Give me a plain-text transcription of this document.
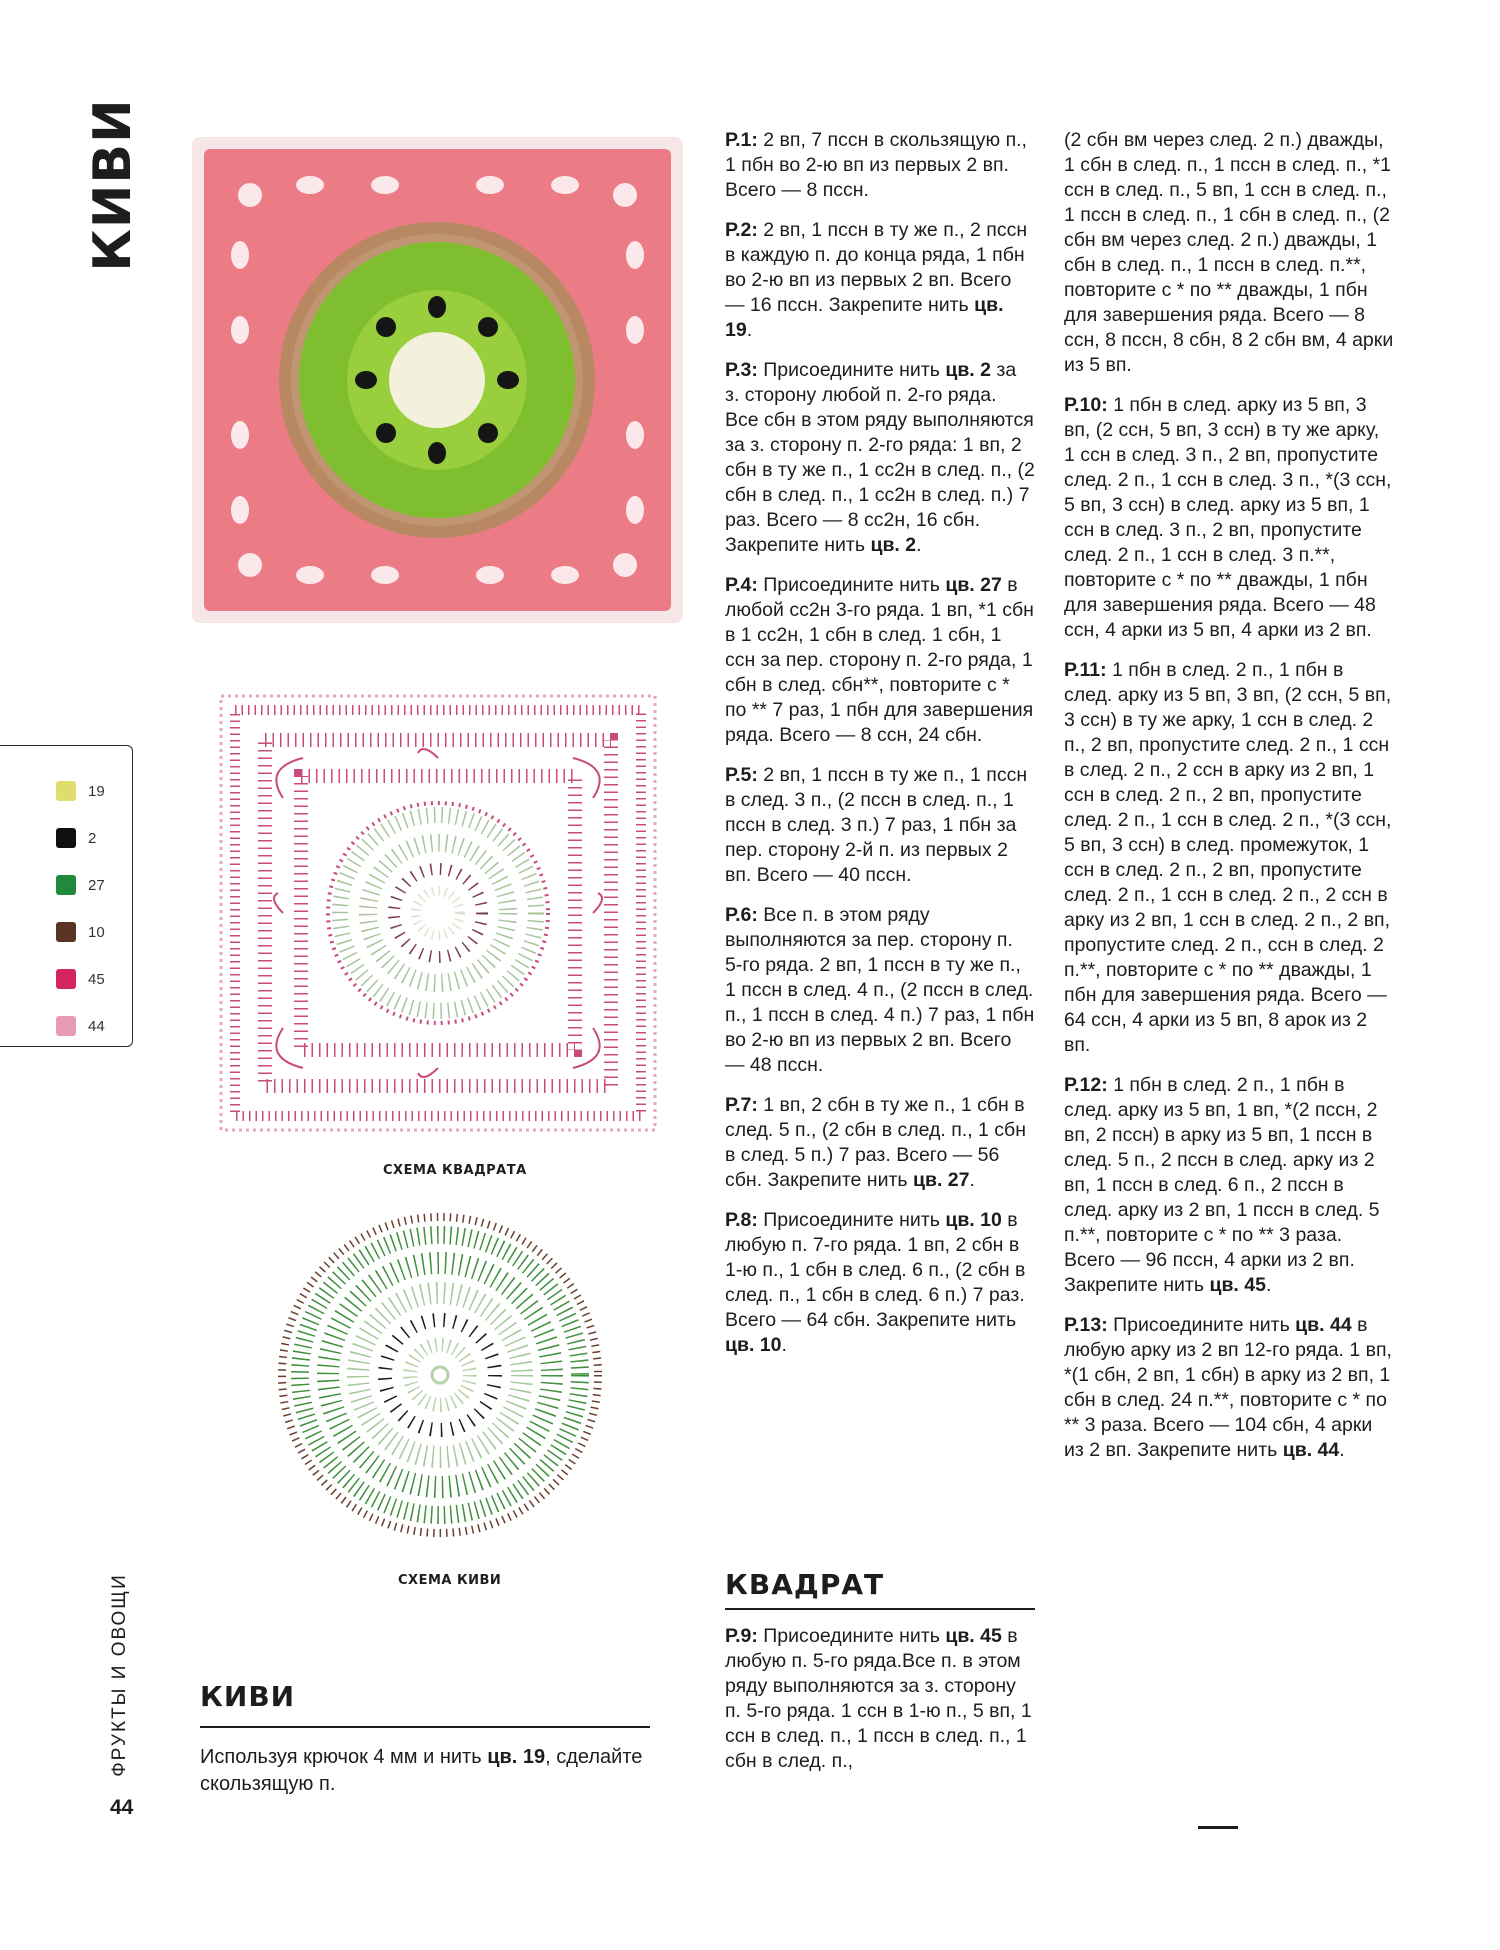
КИВИ
СХЕМА КВАДРАТА
СХЕМА КИВИ
19
2
27
10
45
44
ФРУКТЫ И ОВОЩИ
44
КИВИ
Используя крючок 4 мм и нить цв. 19, сделайте скользящую п.

Р.1: 2 вп, 7 пссн в скользящую п., 1 пбн во 2-ю вп из первых 2 вп. Всего — 8 пссн.

Р.2: 2 вп, 1 пссн в ту же п., 2 пссн в каждую п. до конца ряда, 1 пбн во 2-ю вп из первых 2 вп. Всего — 16 пссн. Закрепите нить цв. 19.

Р.3: Присоедините нить цв. 2 за з. сторону любой п. 2-го ряда. Все сбн в этом ряду выполняются за з. сторону п. 2-го ряда: 1 вп, 2 сбн в ту же п., 1 сс2н в след. п., (2 сбн в след. п., 1 сс2н в след. п.) 7 раз. Всего — 8 сс2н, 16 сбн. Закрепите нить цв. 2.

Р.4: Присоедините нить цв. 27 в любой сс2н 3-го ряда. 1 вп, *1 сбн в 1 сс2н, 1 сбн в след. 1 сбн, 1 ссн за пер. сторону п. 2-го ряда, 1 сбн в след. сбн**, повторите с * по ** 7 раз, 1 пбн для завершения ряда. Всего — 8 ссн, 24 сбн.

Р.5: 2 вп, 1 пссн в ту же п., 1 пссн в след. 3 п., (2 пссн в след. п., 1 пссн в след. 3 п.) 7 раз, 1 пбн за пер. сторону 2-й п. из первых 2 вп. Всего — 40 пссн.

Р.6: Все п. в этом ряду выполняются за пер. сторону п. 5-го ряда. 2 вп, 1 пссн в ту же п., 1 пссн в след. 4 п., (2 пссн в след. п., 1 пссн в след. 4 п.) 7 раз, 1 пбн во 2-ю вп из первых 2 вп. Всего — 48 пссн.

Р.7: 1 вп, 2 сбн в ту же п., 1 сбн в след. 5 п., (2 сбн в след. п., 1 сбн в след. 5 п.) 7 раз. Всего — 56 сбн. Закрепите нить цв. 27.

Р.8: Присоедините нить цв. 10 в любую п. 7-го ряда. 1 вп, 2 сбн в 1-ю п., 1 сбн в след. 6 п., (2 сбн в след. п., 1 сбн в след. 6 п.) 7 раз. Всего — 64 сбн. Закрепите нить цв. 10.

КВАДРАТ

Р.9: Присоедините нить цв. 45 в любую п. 5-го ряда.Все п. в этом ряду выполняются за з. сторону п. 5-го ряда. 1 ссн в 1-ю п., 5 вп, 1 ссн в след. п., 1 пссн в след. п., 1 сбн в след. п.,

(2 сбн вм через след. 2 п.) дважды, 1 сбн в след. п., 1 пссн в след. п., *1 ссн в след. п., 5 вп, 1 ссн в след. п., 1 пссн в след. п., 1 сбн в след. п., (2 сбн вм через след. 2 п.) дважды, 1 сбн в след. п., 1 пссн в след. п.**, повторите с * по ** дважды, 1 пбн для завершения ряда. Всего — 8 ссн, 8 пссн, 8 сбн, 8 2 сбн вм, 4 арки из 5 вп.

Р.10: 1 пбн в след. арку из 5 вп, 3 вп, (2 ссн, 5 вп, 3 ссн) в ту же арку, 1 ссн в след. 3 п., 2 вп, пропустите след. 2 п., 1 ссн в след. 3 п., *(3 ссн, 5 вп, 3 ссн) в след. арку из 5 вп, 1 ссн в след. 3 п., 2 вп, пропустите след. 2 п., 1 ссн в след. 3 п.**, повторите с * по ** дважды, 1 пбн для завершения ряда. Всего — 48 ссн, 4 арки из 5 вп, 4 арки из 2 вп.

Р.11: 1 пбн в след. 2 п., 1 пбн в след. арку из 5 вп, 3 вп, (2 ссн, 5 вп, 3 ссн) в ту же арку, 1 ссн в след. 2 п., 2 вп, пропустите след. 2 п., 1 ссн в след. 2 п., 2 ссн в арку из 2 вп, 1 ссн в след. 2 п., 2 вп, пропустите след. 2 п., 1 ссн в след. 2 п., *(3 ссн, 5 вп, 3 ссн) в след. промежуток, 1 ссн в след. 2 п., 2 вп, пропустите след. 2 п., 1 ссн в след. 2 п., 2 ссн в арку из 2 вп, 1 ссн в след. 2 п., 2 вп, пропустите след. 2 п., ссн в след. 2 п.**, повторите с * по ** дважды, 1 пбн для завершения ряда. Всего — 64 ссн, 4 арки из 5 вп, 8 арок из 2 вп.

Р.12: 1 пбн в след. 2 п., 1 пбн в след. арку из 5 вп, 1 вп, *(2 пссн, 2 вп, 2 пссн) в арку из 5 вп, 1 пссн в след. 5 п., 2 пссн в след. арку из 2 вп, 1 пссн в след. 6 п., 2 пссн в след. арку из 2 вп, 1 пссн в след. 5 п.**, повторите с * по ** 3 раза. Всего — 96 пссн, 4 арки из 2 вп. Закрепите нить цв. 45.

Р.13: Присоедините нить цв. 44 в любую арку из 2 вп 12-го ряда. 1 вп, *(1 сбн, 2 вп, 1 сбн) в арку из 2 вп, 1 сбн в след. 24 п.**, повторите с * по ** 3 раза. Всего — 104 сбн, 4 арки из 2 вп. Закрепите нить цв. 44.
